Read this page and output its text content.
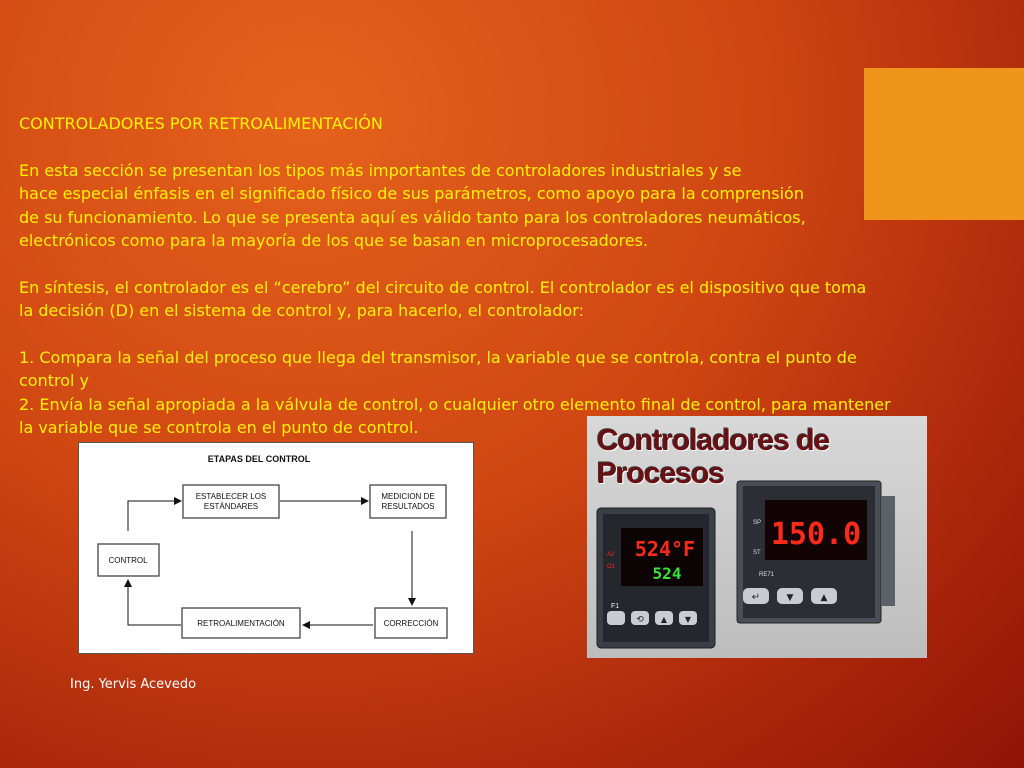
CONTROLADORES POR RETROALIMENTACIÓN

En esta sección se presentan los tipos más importantes de controladores industriales y se

hace especial énfasis en el significado físico de sus parámetros, como apoyo para la comprensión

de su funcionamiento. Lo que se presenta aquí es válido tanto para los controladores neumáticos,

electrónicos como para la mayoría de los que se basan en microprocesadores.

En síntesis, el controlador es el “cerebro” del circuito de control. El controlador es el dispositivo que toma

la decisión (D) en el sistema de control y, para hacerlo, el controlador:

1. Compara la señal del proceso que llega del transmisor, la variable que se controla, contra el punto de

control y

2. Envía la señal apropiada a la válvula de control, o cualquier otro elemento final de control, para mantener

la variable que se controla en el punto de control.

ETAPAS DEL CONTROL
ESTABLECER LOS
ESTÁNDARES
MEDICION DE
RESULTADOS
CONTROL
RETROALIMENTACIÓN	CORRECCIÓN
Controladores de
Procesos
150.0
SP
ST
RE71
↵	▼	▲
524°F
524
A2
O1
F1
⟲ ▲ ▼
Ing. Yervis Acevedo
